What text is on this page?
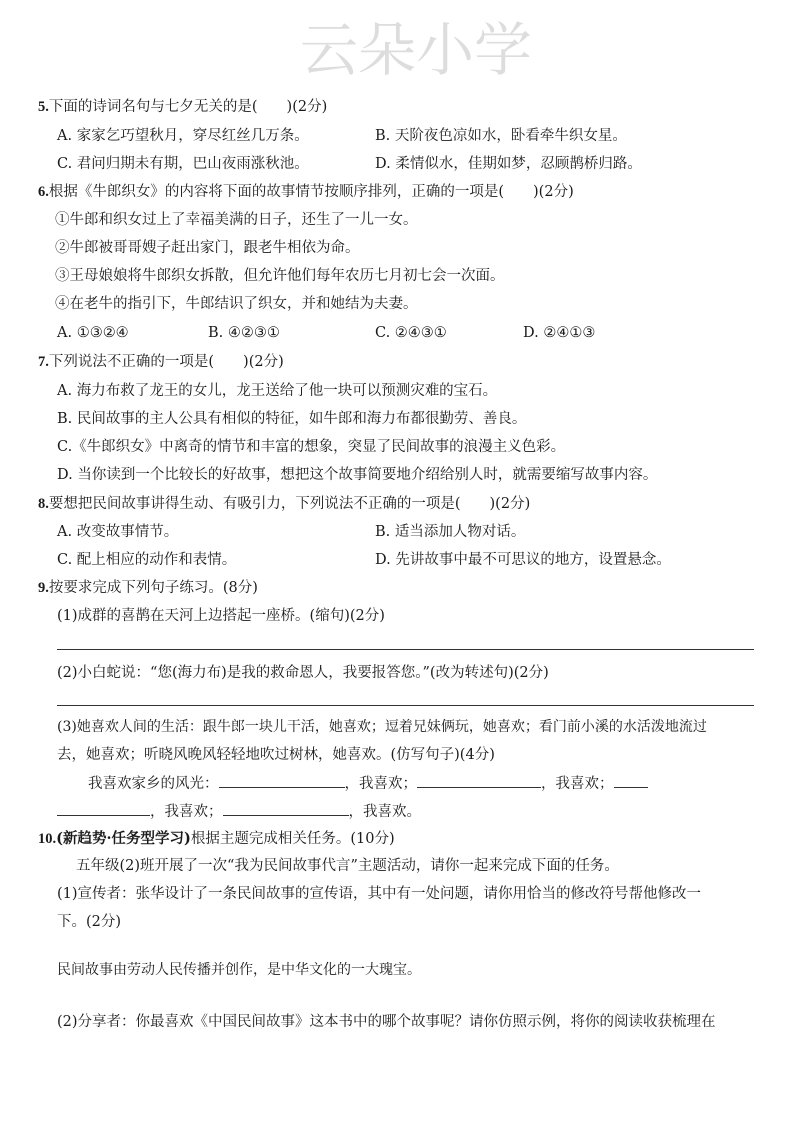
云朵小学
5.下面的诗词名句与七夕无关的是(　　)(2分)
A. 家家乞巧望秋月，穿尽红丝几万条。	B. 天阶夜色凉如水，卧看牵牛织女星。
C. 君问归期未有期，巴山夜雨涨秋池。	D. 柔情似水，佳期如梦，忍顾鹊桥归路。
6.根据《牛郎织女》的内容将下面的故事情节按顺序排列，正确的一项是(　　)(2分)
①牛郎和织女过上了幸福美满的日子，还生了一儿一女。
②牛郎被哥哥嫂子赶出家门，跟老牛相依为命。
③王母娘娘将牛郎织女拆散，但允许他们每年农历七月初七会一次面。
④在老牛的指引下，牛郎结识了织女，并和她结为夫妻。
A. ①③②④	B. ④②③①	C. ②④③①	D. ②④①③
7.下列说法不正确的一项是(　　)(2分)
A. 海力布救了龙王的女儿，龙王送给了他一块可以预测灾难的宝石。
B. 民间故事的主人公具有相似的特征，如牛郎和海力布都很勤劳、善良。
C.《牛郎织女》中离奇的情节和丰富的想象，突显了民间故事的浪漫主义色彩。
D. 当你读到一个比较长的好故事，想把这个故事简要地介绍给别人时，就需要缩写故事内容。
8.要想把民间故事讲得生动、有吸引力，下列说法不正确的一项是(　　)(2分)
A. 改变故事情节。	B. 适当添加人物对话。
C. 配上相应的动作和表情。	D. 先讲故事中最不可思议的地方，设置悬念。
9.按要求完成下列句子练习。(8分)
(1)成群的喜鹊在天河上边搭起一座桥。(缩句)(2分)
(2)小白蛇说：“您(海力布)是我的救命恩人，我要报答您。”(改为转述句)(2分)
(3)她喜欢人间的生活：跟牛郎一块儿干活，她喜欢；逗着兄妹俩玩，她喜欢；看门前小溪的水活泼地流过
去，她喜欢；听晓风晚风轻轻地吹过树林，她喜欢。(仿写句子)(4分)
我喜欢家乡的风光：	，我喜欢；	，我喜欢；
，我喜欢；	，我喜欢。
10.(新趋势·任务型学习)根据主题完成相关任务。(10分)
五年级(2)班开展了一次“我为民间故事代言”主题活动，请你一起来完成下面的任务。
(1)宣传者：张华设计了一条民间故事的宣传语，其中有一处问题，请你用恰当的修改符号帮他修改一
下。(2分)
民间故事由劳动人民传播并创作，是中华文化的一大瑰宝。
(2)分享者：你最喜欢《中国民间故事》这本书中的哪个故事呢？请你仿照示例，将你的阅读收获梳理在
